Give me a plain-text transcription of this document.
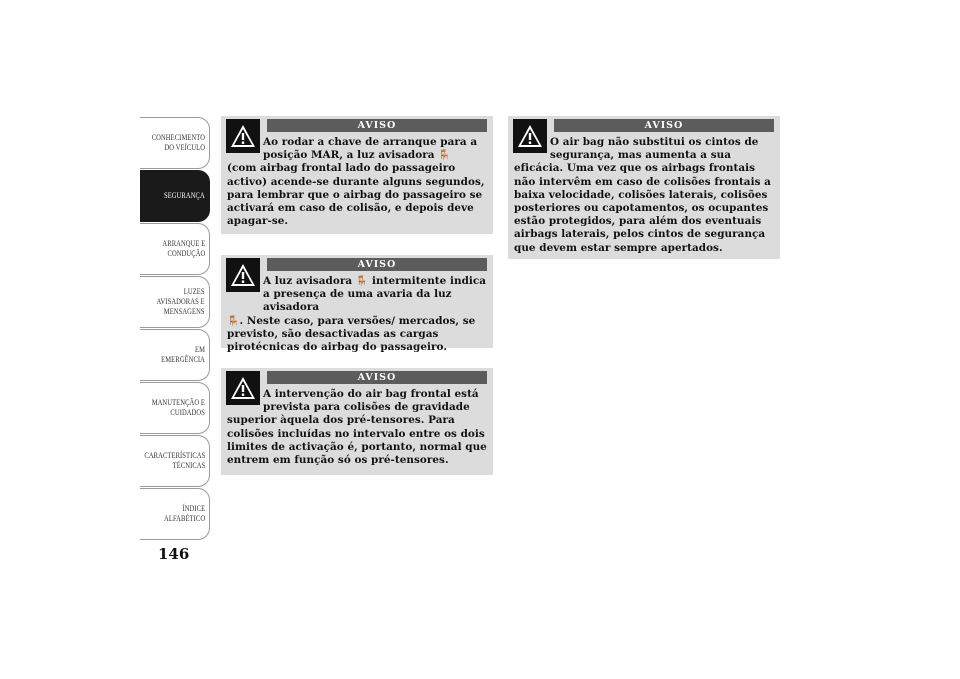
CONHECIMENTO
DO VEÍCULO
SEGURANÇA
ARRANQUE E
CONDUÇÃO
LUZES
AVISADORAS E
MENSAGENS
EM EMERGÊNCIA
MANUTENÇÃO E
CUIDADOS
CARACTERÍSTICAS
TÉCNICAS
ÍNDICE
ALFABÉTICO
146
AVISO
Ao rodar a chave de arranque para a posição MAR, a luz avisadora 🪑
(com airbag frontal lado do passageiro activo) acende-se durante alguns segundos, para lembrar que o airbag do passageiro se activará em caso de colisão, e depois deve apagar-se.
AVISO
A luz avisadora 🪑 intermitente indica a presença de uma avaria da luz avisadora
🪑. Neste caso, para versões/ mercados, se previsto, são desactivadas as cargas pirotécnicas do airbag do passageiro.
AVISO
A intervenção do air bag frontal está prevista para colisões de gravidade
superior àquela dos pré-tensores. Para colisões incluídas no intervalo entre os dois limites de activação é, portanto, normal que entrem em função só os pré-tensores.
AVISO
O air bag não substitui os cintos de segurança, mas aumenta a sua
eficácia. Uma vez que os airbags frontais não intervêm em caso de colisões frontais a baixa velocidade, colisões laterais, colisões posteriores ou capotamentos, os ocupantes estão protegidos, para além dos eventuais airbags laterais, pelos cintos de segurança que devem estar sempre apertados.
